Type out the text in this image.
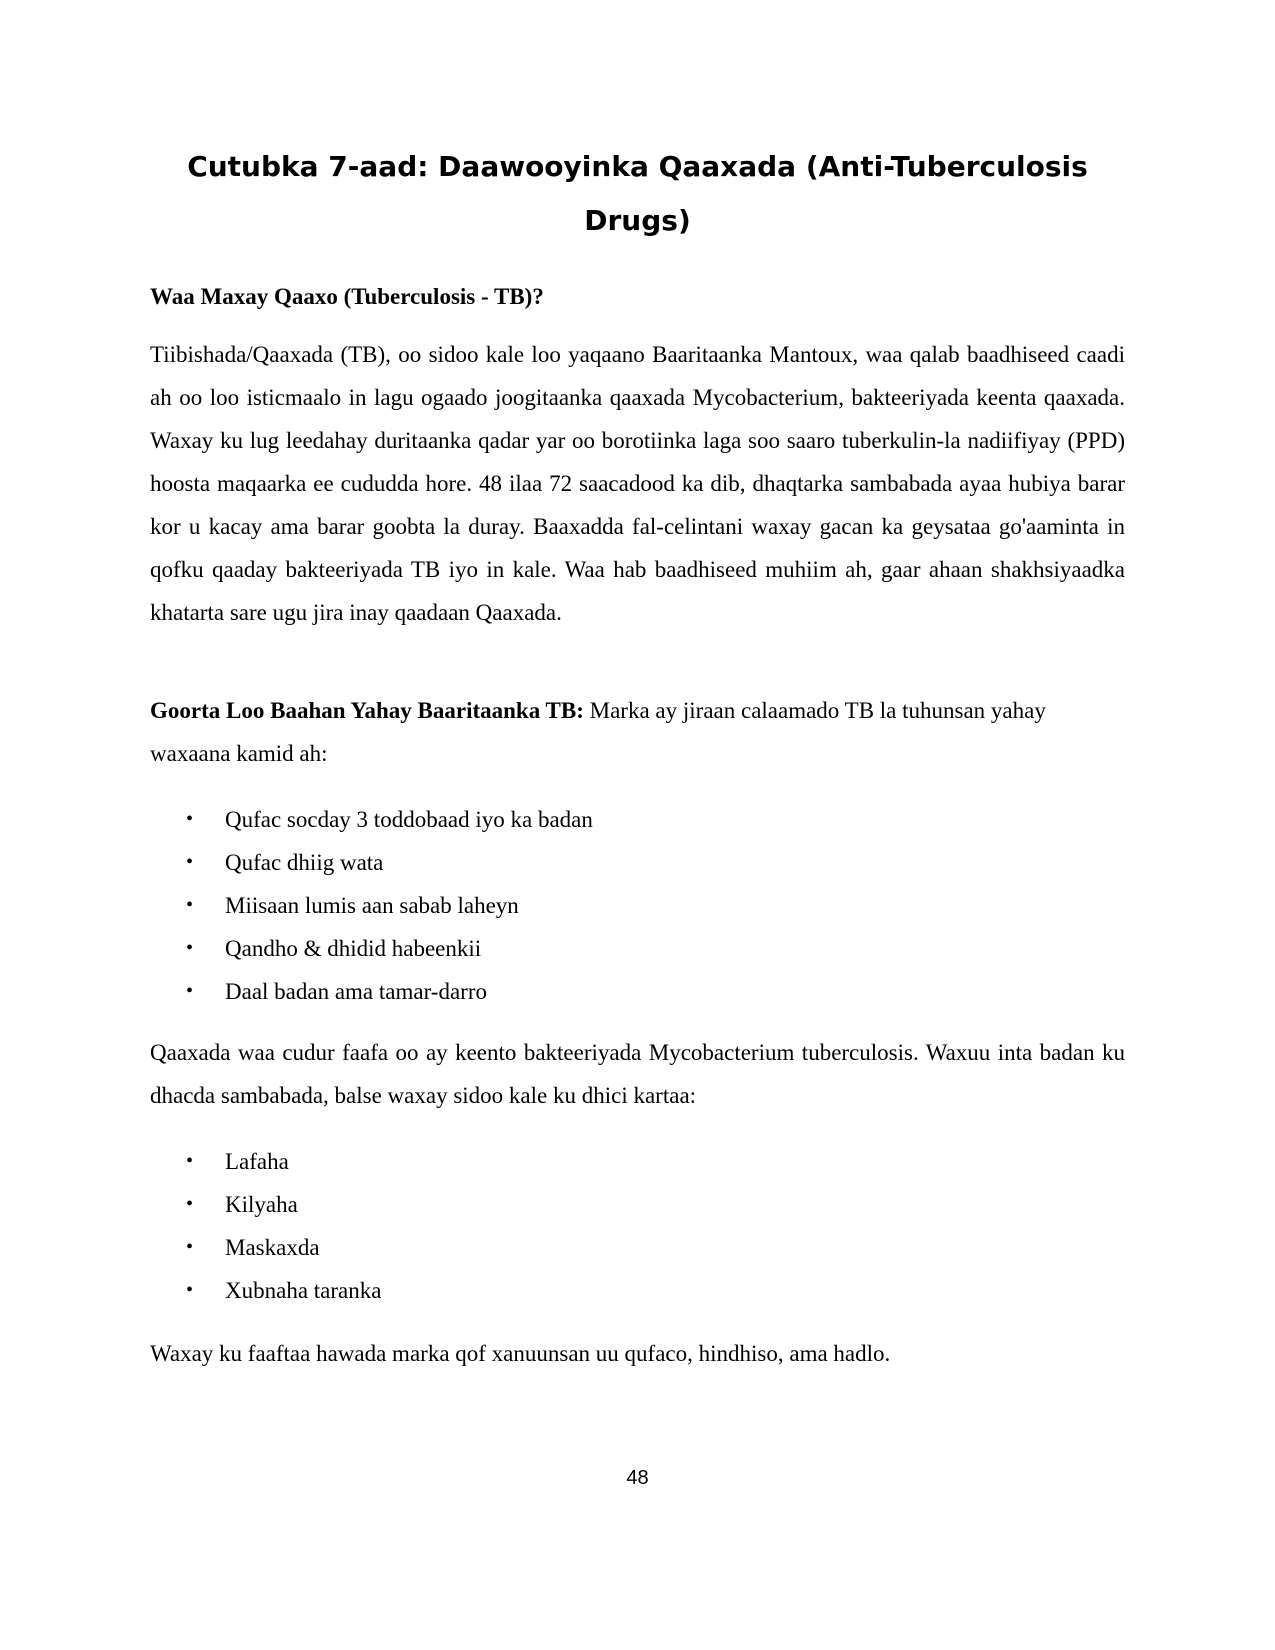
Cutubka 7-aad: Daawooyinka Qaaxada (Anti-Tuberculosis Drugs)
Waa Maxay Qaaxo (Tuberculosis - TB)?

Tiibishada/Qaaxada (TB), oo sidoo kale loo yaqaano Baaritaanka Mantoux, waa qalab baadhiseed caadi ah oo loo isticmaalo in lagu ogaado joogitaanka qaaxada Mycobacterium, bakteeriyada keenta qaaxada. Waxay ku lug leedahay duritaanka qadar yar oo borotiinka laga soo saaro tuberkulin-la nadiifiyay (PPD) hoosta maqaarka ee cududda hore. 48 ilaa 72 saacadood ka dib, dhaqtarka sambabada ayaa hubiya barar kor u kacay ama barar goobta la duray. Baaxadda fal-celintani waxay gacan ka geysataa go'aaminta in qofku qaaday bakteeriyada TB iyo in kale. Waa hab baadhiseed muhiim ah, gaar ahaan shakhsiyaadka khatarta sare ugu jira inay qaadaan Qaaxada.

Goorta Loo Baahan Yahay Baaritaanka TB: Marka ay jiraan calaamado TB la tuhunsan yahay waxaana kamid ah:

• Qufac socday 3 toddobaad iyo ka badan
• Qufac dhiig wata
• Miisaan lumis aan sabab laheyn
• Qandho & dhidid habeenkii
• Daal badan ama tamar-darro

Qaaxada waa cudur faafa oo ay keento bakteeriyada Mycobacterium tuberculosis. Waxuu inta badan ku dhacda sambabada, balse waxay sidoo kale ku dhici kartaa:

• Lafaha
• Kilyaha
• Maskaxda
• Xubnaha taranka

Waxay ku faaftaa hawada marka qof xanuunsan uu qufaco, hindhiso, ama hadlo.

48
